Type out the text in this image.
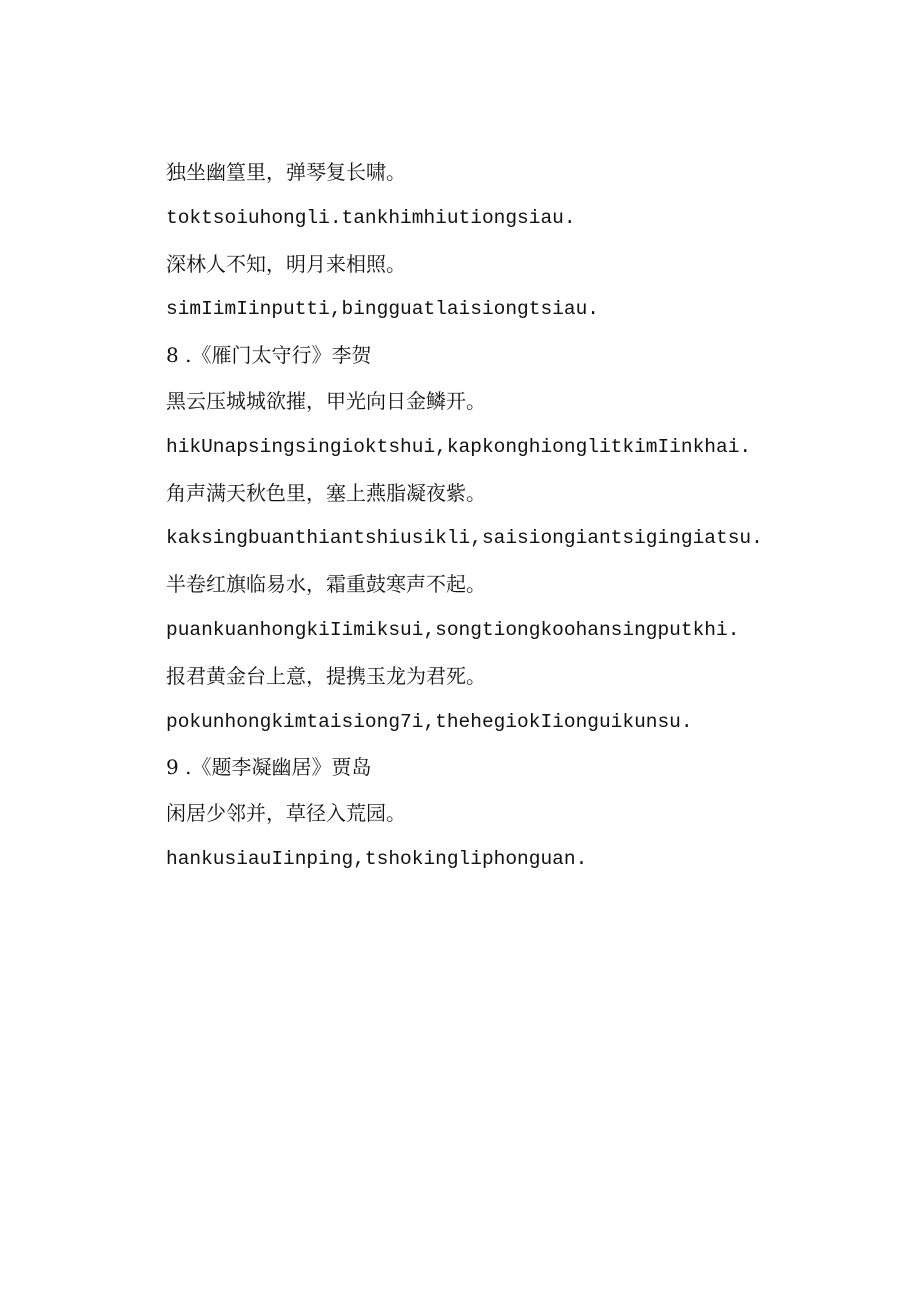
独坐幽篁里，弹琴复长啸。
toktsoiuhongli.tankhimhiutiongsiau.
深林人不知，明月来相照。
simIimIinputti,bingguatlaisiongtsiau.
8 .《雁门太守行》李贺
黑云压城城欲摧，甲光向日金鳞开。
hikUnapsingsingioktshui,kapkonghionglitkimIinkhai.
角声满天秋色里，塞上燕脂凝夜紫。
kaksingbuanthiantshiusikli,saisiongiantsigingiatsu.
半卷红旗临易水，霜重鼓寒声不起。
puankuanhongkiIimiksui,songtiongkoohansingputkhi.
报君黄金台上意，提携玉龙为君死。
pokunhongkimtaisiong7i,thehegiokIionguikunsu.
9 .《题李凝幽居》贾岛
闲居少邻并，草径入荒园。
hankusiauIinping,tshokingliphonguan.
